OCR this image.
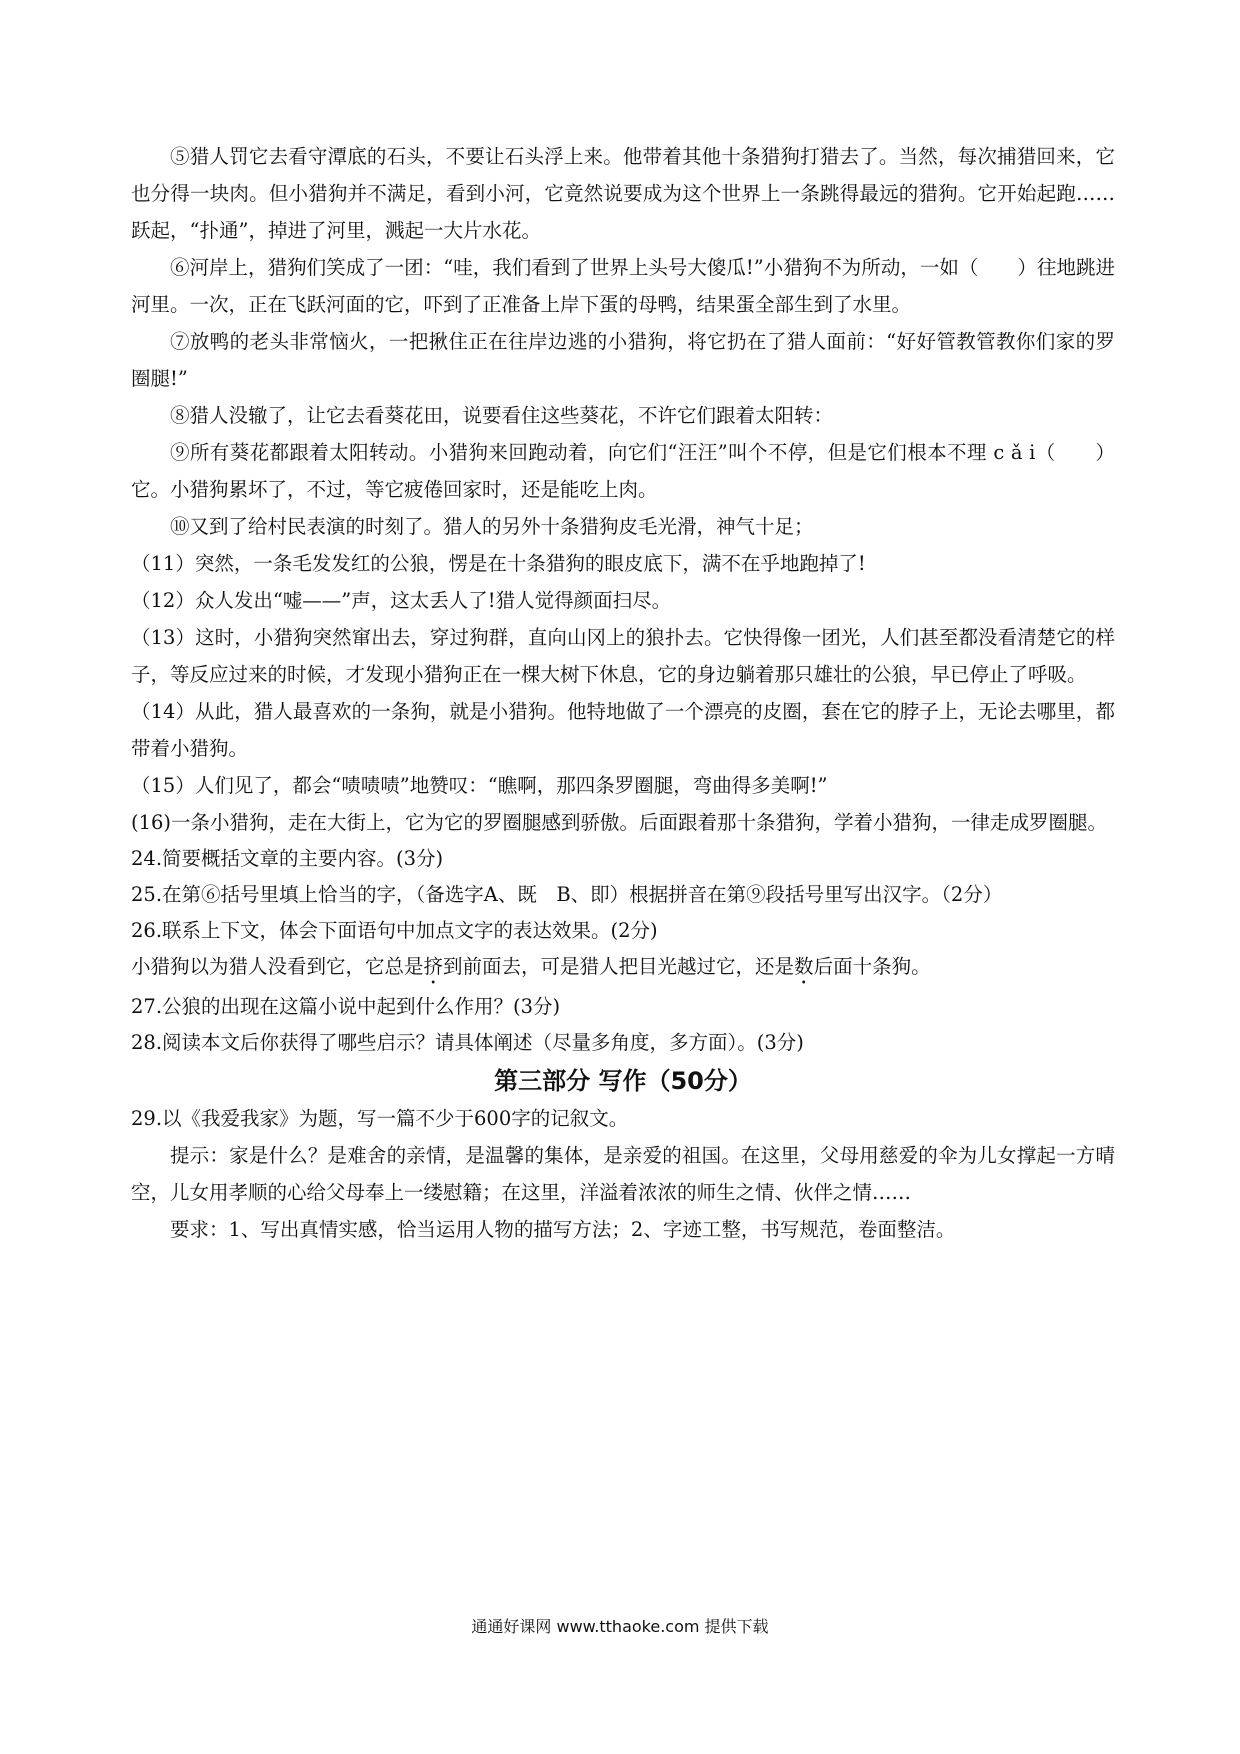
⑤猎人罚它去看守潭底的石头，不要让石头浮上来。他带着其他十条猎狗打猎去了。当然，每次捕猎回来，它也分得一块肉。但小猎狗并不满足，看到小河，它竟然说要成为这个世界上一条跳得最远的猎狗。它开始起跑……跃起，“扑通”，掉进了河里，溅起一大片水花。

⑥河岸上，猎狗们笑成了一团：“哇，我们看到了世界上头号大傻瓜!”小猎狗不为所动，一如（　　）往地跳进河里。一次，正在飞跃河面的它，吓到了正准备上岸下蛋的母鸭，结果蛋全部生到了水里。

⑦放鸭的老头非常恼火，一把揪住正在往岸边逃的小猎狗，将它扔在了猎人面前：“好好管教管教你们家的罗圈腿!”

⑧猎人没辙了，让它去看葵花田，说要看住这些葵花，不许它们跟着太阳转：

⑨所有葵花都跟着太阳转动。小猎狗来回跑动着，向它们“汪汪”叫个不停，但是它们根本不理 c ǎ i（　　）它。小猎狗累坏了，不过，等它疲倦回家时，还是能吃上肉。

⑩又到了给村民表演的时刻了。猎人的另外十条猎狗皮毛光滑，神气十足；

（11）突然，一条毛发发红的公狼，愣是在十条猎狗的眼皮底下，满不在乎地跑掉了!

（12）众人发出“嘘——”声，这太丢人了!猎人觉得颜面扫尽。

（13）这时，小猎狗突然窜出去，穿过狗群，直向山冈上的狼扑去。它快得像一团光，人们甚至都没看清楚它的样子，等反应过来的时候，才发现小猎狗正在一棵大树下休息，它的身边躺着那只雄壮的公狼，早已停止了呼吸。

（14）从此，猎人最喜欢的一条狗，就是小猎狗。他特地做了一个漂亮的皮圈，套在它的脖子上，无论去哪里，都带着小猎狗。

（15）人们见了，都会“啧啧啧”地赞叹：“瞧啊，那四条罗圈腿，弯曲得多美啊!”

(16)一条小猎狗，走在大街上，它为它的罗圈腿感到骄傲。后面跟着那十条猎狗，学着小猎狗，一律走成罗圈腿。

24.简要概括文章的主要内容。(3分)

25.在第⑥括号里填上恰当的字，（备选字A、既　B、即）根据拼音在第⑨段括号里写出汉字。（2分）

26.联系上下文，体会下面语句中加点文字的表达效果。(2分)

小猎狗以为猎人没看到它，它总是挤到前面去，可是猎人把目光越过它，还是数后面十条狗。

27.公狼的出现在这篇小说中起到什么作用？(3分)

28.阅读本文后你获得了哪些启示？请具体阐述（尽量多角度，多方面）。(3分)

第三部分 写作（50分）

29.以《我爱我家》为题，写一篇不少于600字的记叙文。

提示：家是什么？是难舍的亲情，是温馨的集体，是亲爱的祖国。在这里，父母用慈爱的伞为儿女撑起一方晴空，儿女用孝顺的心给父母奉上一缕慰籍；在这里，洋溢着浓浓的师生之情、伙伴之情……

要求：1、写出真情实感，恰当运用人物的描写方法；2、字迹工整，书写规范，卷面整洁。

通通好课网 www.tthaoke.com 提供下载
